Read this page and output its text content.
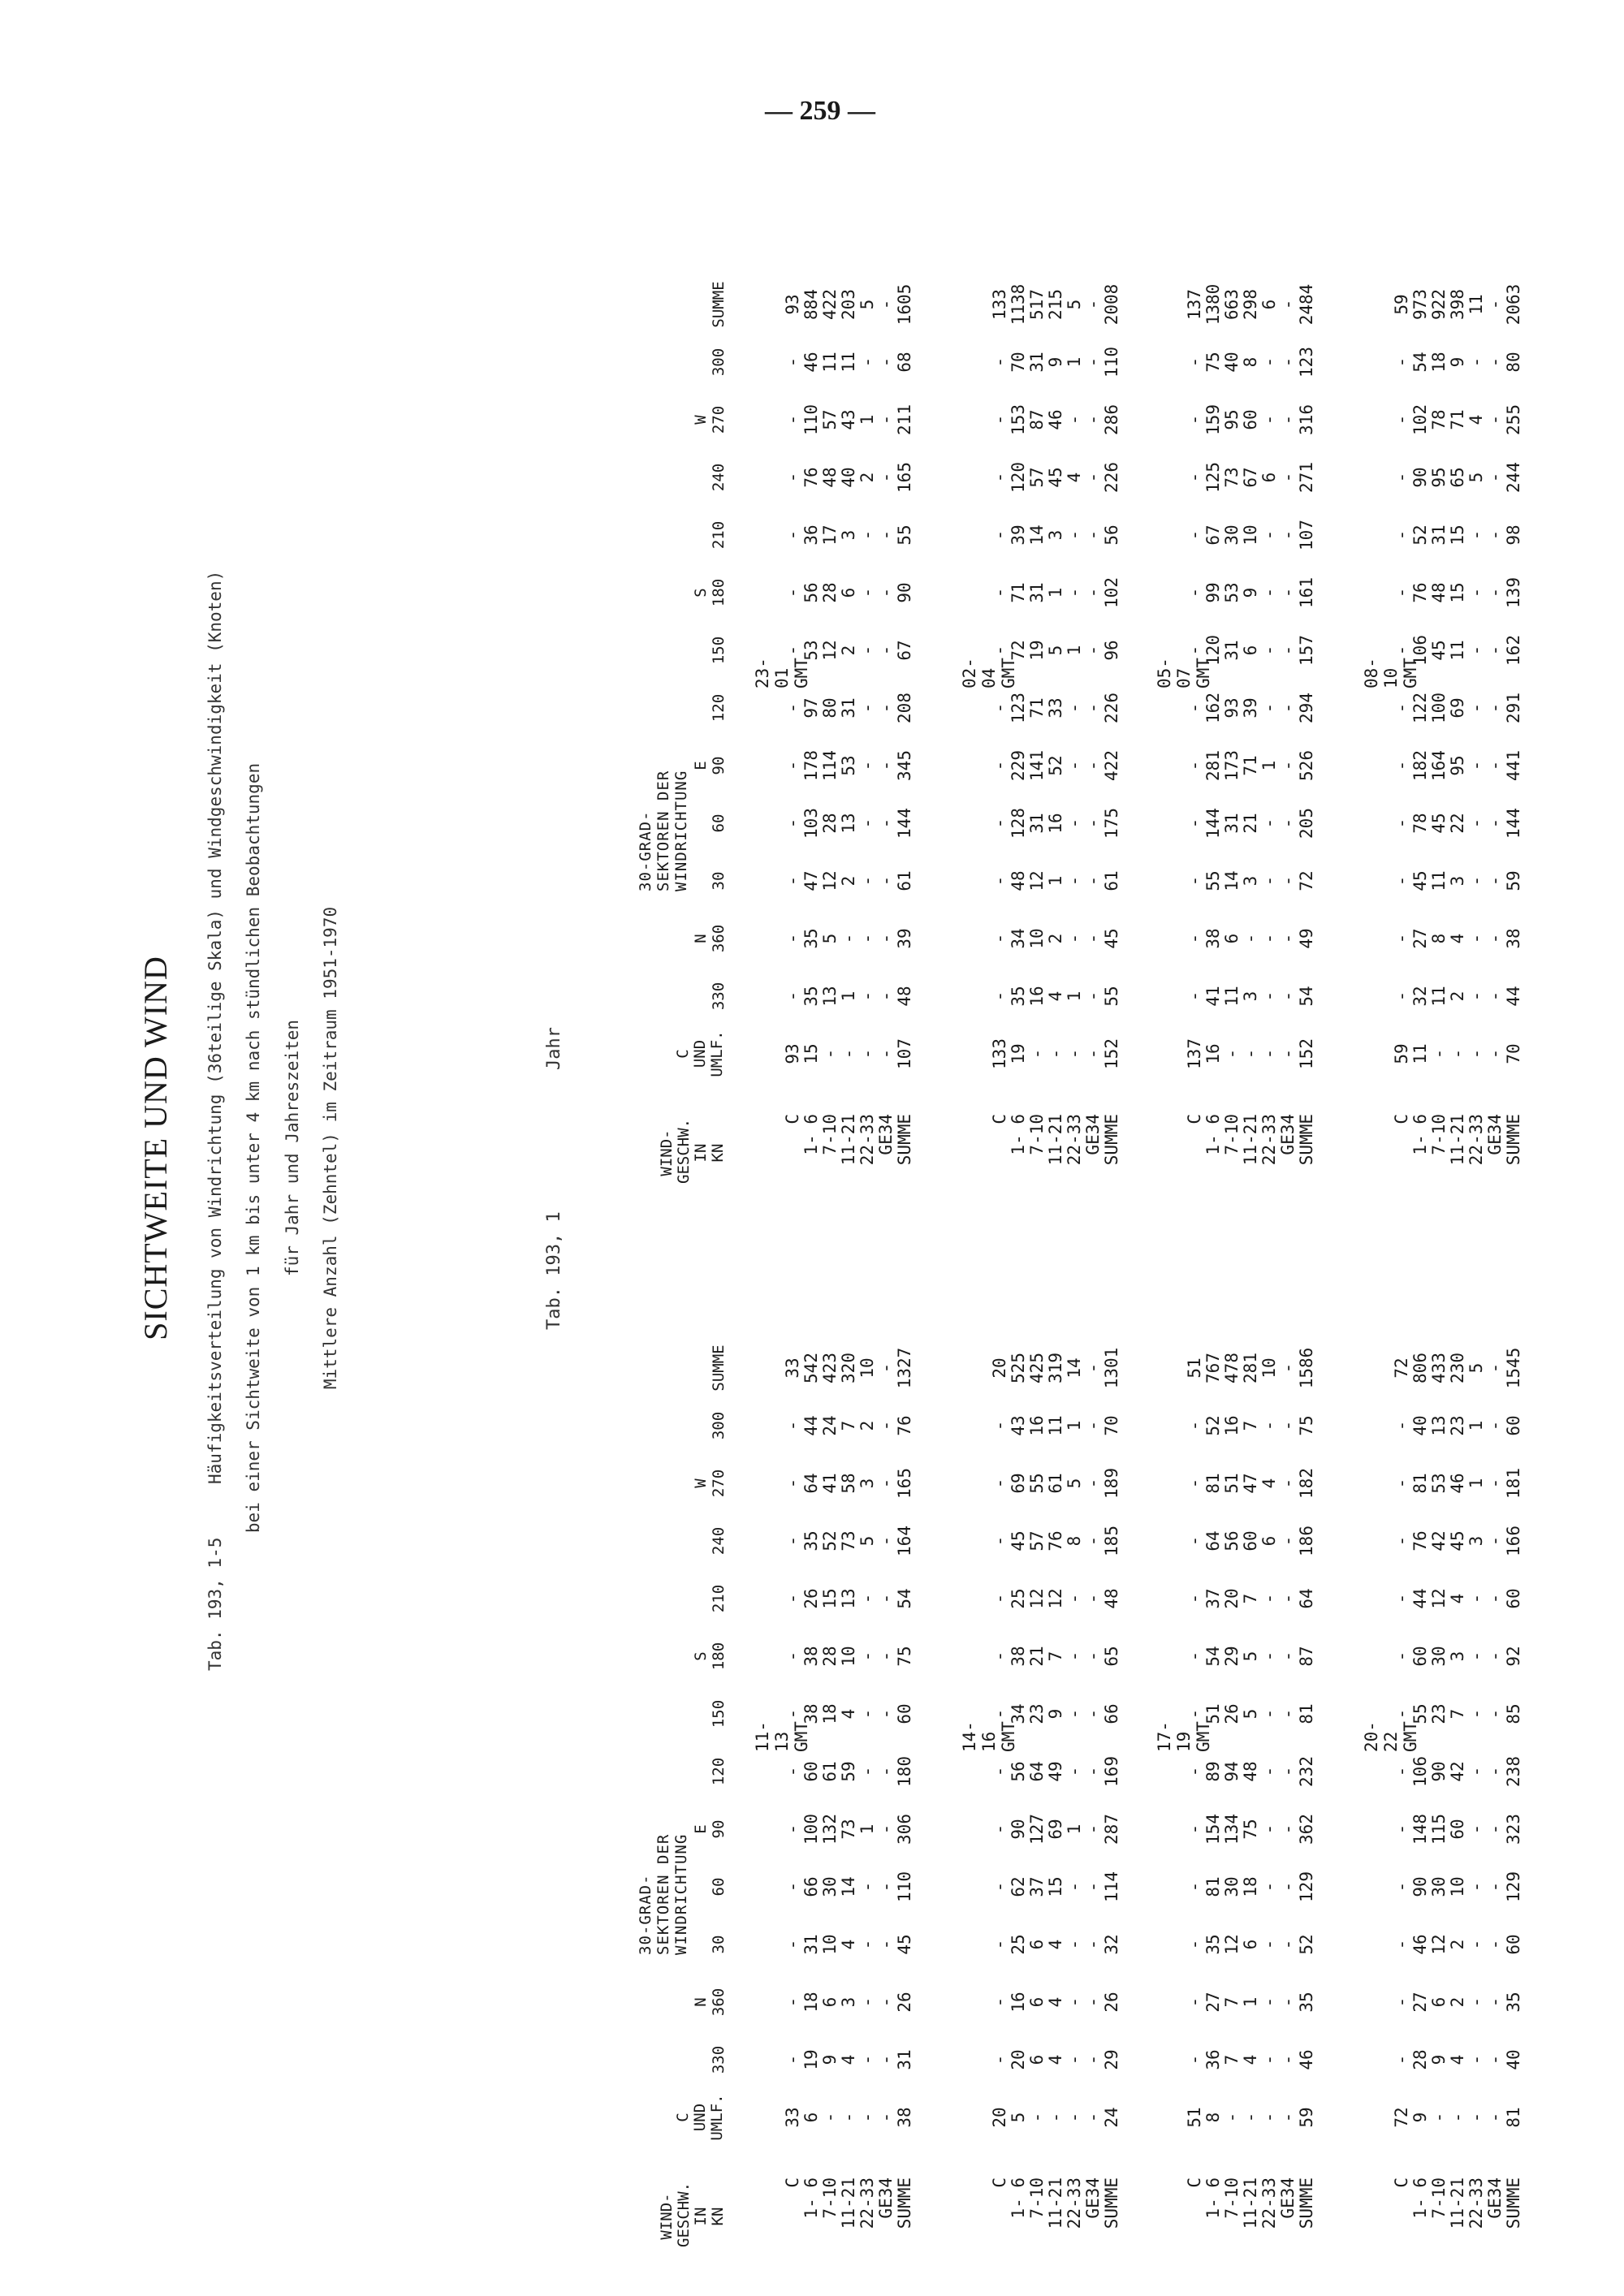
— 259 —
SICHTWEITE UND WIND
Tab. 193, 1-5
Häufigkeitsverteilung von Windrichtung (36teilige Skala) und Windgeschwindigkeit (Knoten) bei einer Sichtweite von 1 km bis unter 4 km nach stündlichen Beobachtungen für Jahr und Jahreszeiten Mittlere Anzahl (Zehntel) im Zeitraum 1951-1970	Tab. 193, 1
Jahr
30-GRAD-SEKTOREN DER WINDRICHTUNG
WIND- GESCHW. IN KN
C UND UMLF.
N
E
S
W
330
360
30
60
90
120
150
180
210
240
270
300
SUMME
23-01 GMT
C 1- 6 7-10 11-21 22-33 GE34 SUMME
93
-
-
-
-
-
-
-
-
-
-
-
-
93
15
35
35
47
103
178
97
53
56
36
76
110
46
884
-
13
5
12
28
114
80
12
28
17
48
57
11
422
-
1
-
2
13
53
31
2
6
3
40
43
11
203
-
-
-
-
-
-
-
-
-
-
2
1
-
5
-
-
-
-
-
-
-
-
-
-
-
-
-
-
107
48
39
61
144
345
208
67
90
55
165
211
68
1605
30-GRAD-SEKTOREN DER WINDRICHTUNG
WIND- GESCHW. IN KN
C UND UMLF.
N
E
S
W
330
360
30
60
90
120
150
180
210
240
270
300
SUMME
11-13 GMT
C 1- 6 7-10 11-21 22-33 GE34 SUMME
33
-
-
-
-
-
-
-
-
-
-
-
-
33
6
19
18
31
66
100
60
38
38
26
35
64
44
542
-
9
6
10
30
132
61
18
28
15
52
41
24
423
-
4
3
4
14
73
59
4
10
13
73
58
7
320
-
-
-
-
-
1
-
-
-
-
5
3
2
10
-
-
-
-
-
-
-
-
-
-
-
-
-
-
38
31
26
45
110
306
180
60
75
54
164
165
76
1327
02-04 GMT
C 1- 6 7-10 11-21 22-33 GE34 SUMME
133
-
-
-
-
-
-
-
-
-
-
-
-
133
19
35
34
48
128
229
123
72
71
39
120
153
70
1138
-
16
10
12
31
141
71
19
31
14
57
87
31
517
-
4
2
1
16
52
33
5
1
3
45
46
9
215
-
1
-
-
-
-
-
1
-
-
4
-
1
5
-
-
-
-
-
-
-
-
-
-
-
-
-
-
152
55
45
61
175
422
226
96
102
56
226
286
110
2008
14-16 GMT
C 1- 6 7-10 11-21 22-33 GE34 SUMME
20
-
-
-
-
-
-
-
-
-
-
-
-
20
5
20
16
25
62
90
56
34
38
25
45
69
43
525
-
6
6
6
37
127
64
23
21
12
57
55
16
425
-
4
4
4
15
69
49
9
7
12
76
61
11
319
-
-
-
-
-
1
-
-
-
-
8
5
1
14
-
-
-
-
-
-
-
-
-
-
-
-
-
-
24
29
26
32
114
287
169
66
65
48
185
189
70
1301
05-07 GMT
C 1- 6 7-10 11-21 22-33 GE34 SUMME
137
-
-
-
-
-
-
-
-
-
-
-
-
137
16
41
38
55
144
281
162
120
99
67
125
159
75
1380
-
11
6
14
31
173
93
31
53
30
73
95
40
663
-
3
-
3
21
71
39
6
9
10
67
60
8
298
-
-
-
-
-
1
-
-
-
-
6
-
-
6
-
-
-
-
-
-
-
-
-
-
-
-
-
-
152
54
49
72
205
526
294
157
161
107
271
316
123
2484
17-19 GMT
C 1- 6 7-10 11-21 22-33 GE34 SUMME
51
-
-
-
-
-
-
-
-
-
-
-
-
51
8
36
27
35
81
154
89
51
54
37
64
81
52
767
-
7
7
12
30
134
94
26
29
20
56
51
16
478
-
4
1
6
18
75
48
5
5
7
60
47
7
281
-
-
-
-
-
-
-
-
-
-
6
4
-
10
-
-
-
-
-
-
-
-
-
-
-
-
-
-
59
46
35
52
129
362
232
81
87
64
186
182
75
1586
08-10 GMT
C 1- 6 7-10 11-21 22-33 GE34 SUMME
59
-
-
-
-
-
-
-
-
-
-
-
-
59
11
32
27
45
78
182
122
106
76
52
90
102
54
973
-
11
8
11
45
164
100
45
48
31
95
78
18
922
-
2
4
3
22
95
69
11
15
15
65
71
9
398
-
-
-
-
-
-
-
-
-
-
5
4
-
11
-
-
-
-
-
-
-
-
-
-
-
-
-
-
70
44
38
59
144
441
291
162
139
98
244
255
80
2063
20-22 GMT
C 1- 6 7-10 11-21 22-33 GE34 SUMME
72
-
-
-
-
-
-
-
-
-
-
-
-
72
9
28
27
46
90
148
106
55
60
44
76
81
40
806
-
9
6
12
30
115
90
23
30
12
42
53
13
433
-
4
2
2
10
60
42
7
3
4
45
46
23
230
-
-
-
-
-
-
-
-
-
-
3
1
1
5
-
-
-
-
-
-
-
-
-
-
-
-
-
-
81
40
35
60
129
323
238
85
92
60
166
181
60
1545
